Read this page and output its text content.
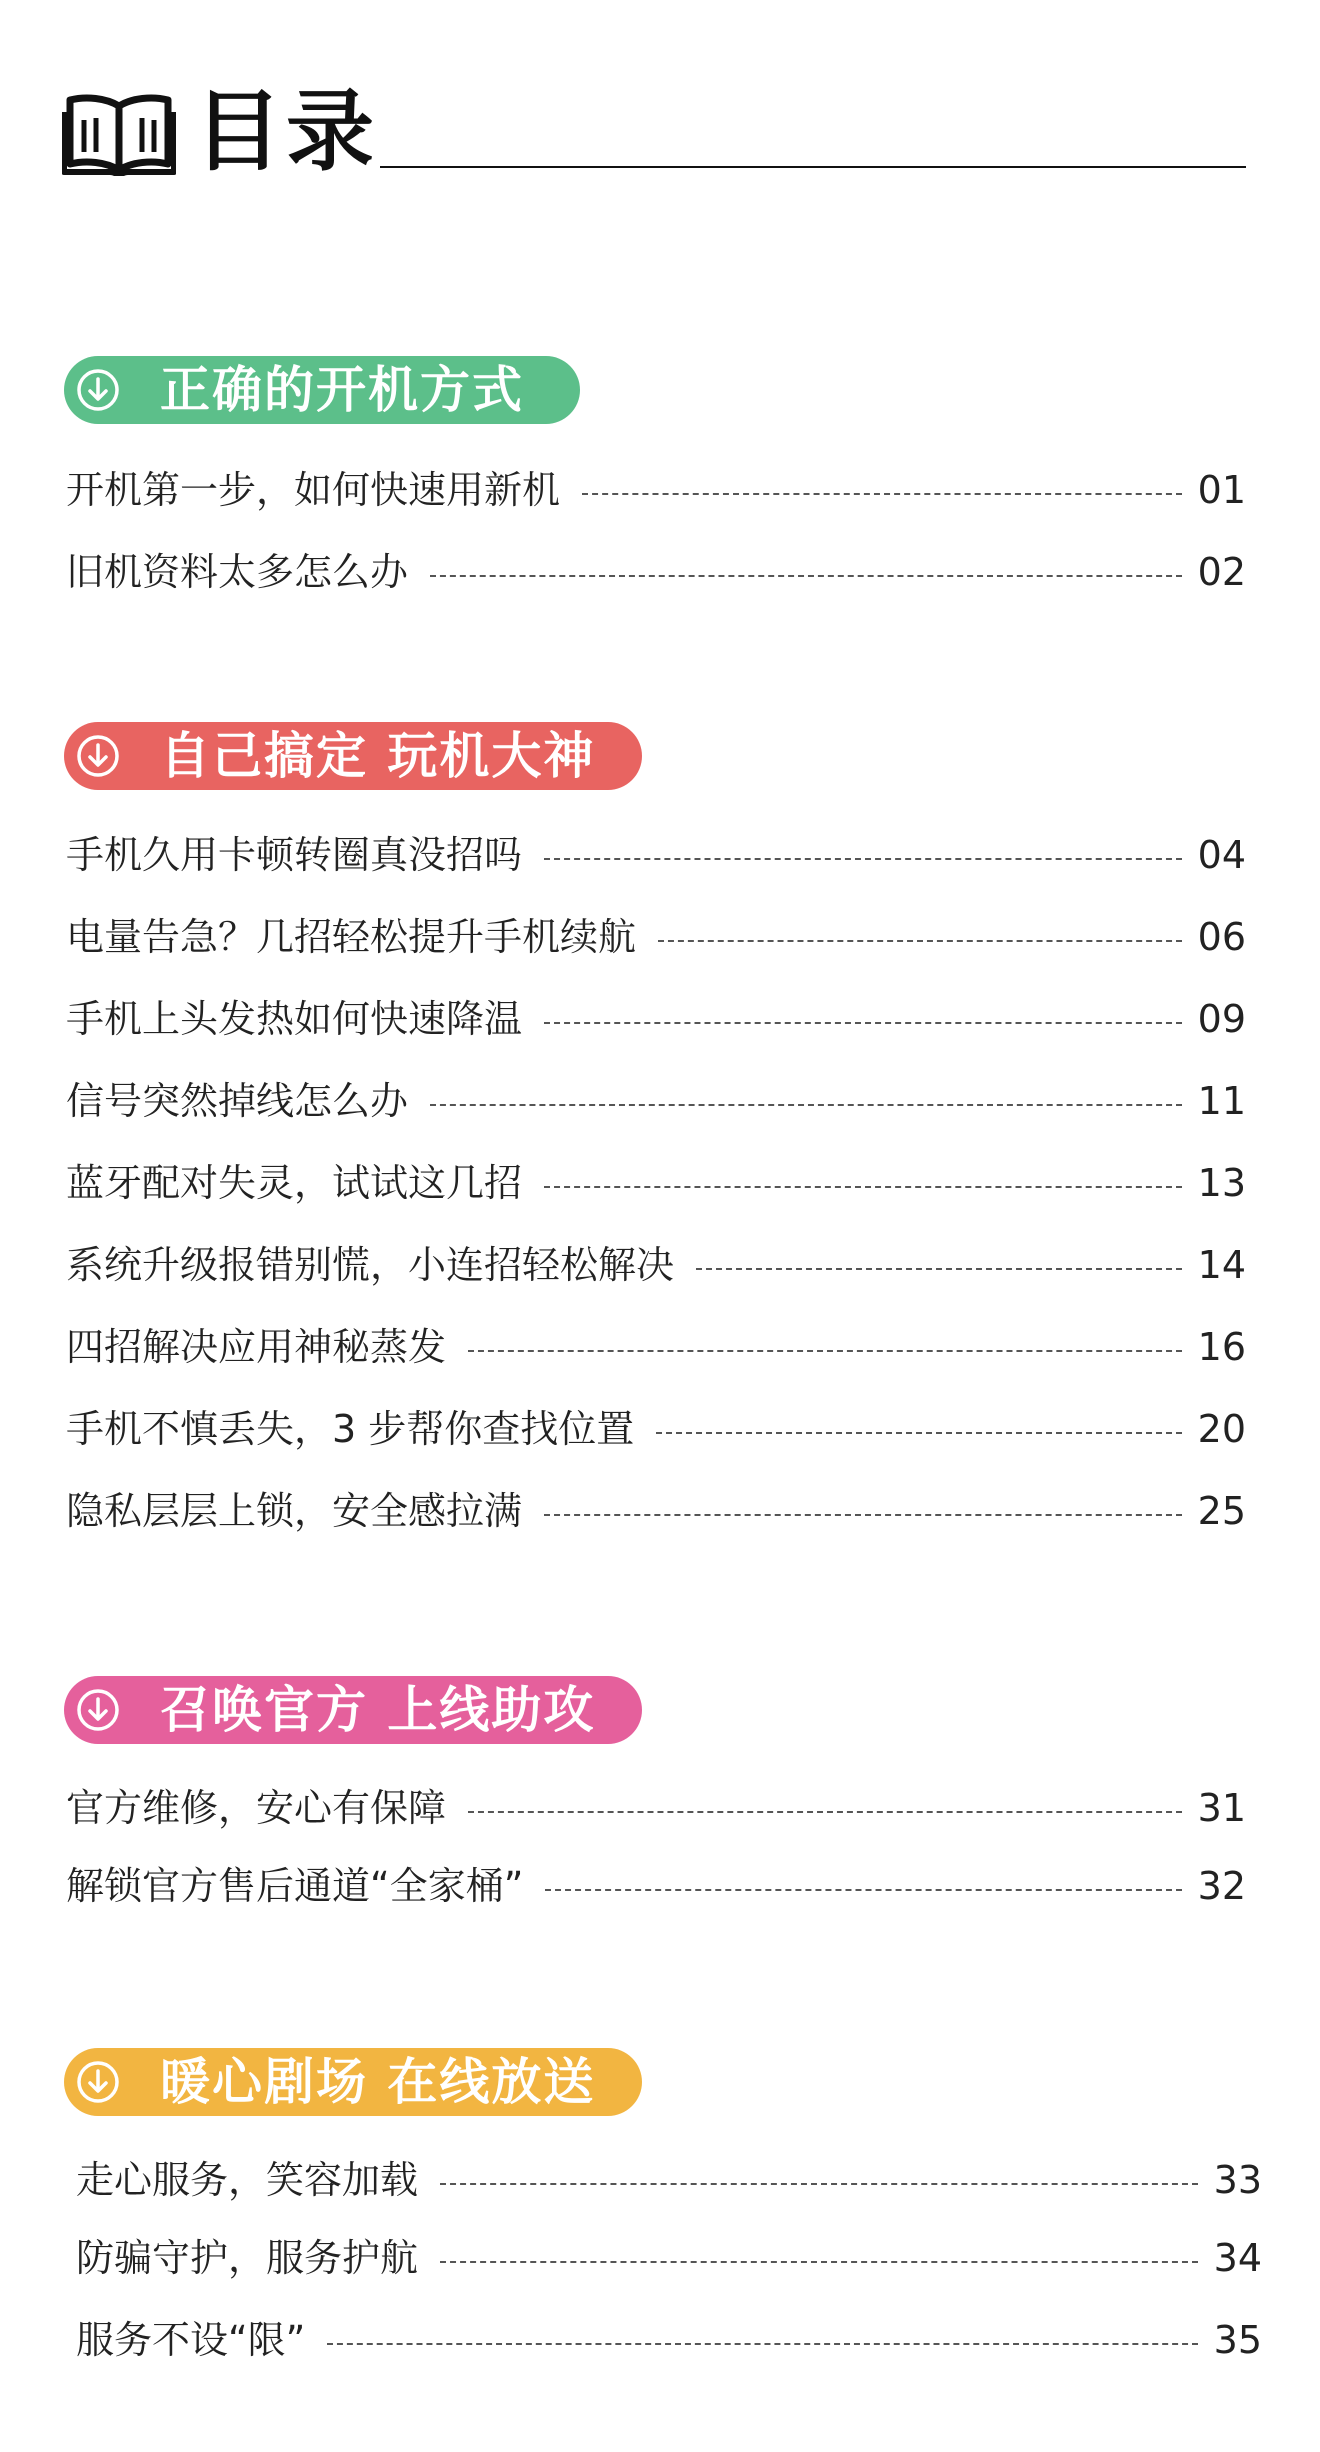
目录
正确的开机方式
开机第一步，如何快速用新机	01
旧机资料太多怎么办	02
自己搞定 玩机大神
手机久用卡顿转圈真没招吗	04
电量告急？几招轻松提升手机续航	06
手机上头发热如何快速降温	09
信号突然掉线怎么办	11
蓝牙配对失灵，试试这几招	13
系统升级报错别慌，小连招轻松解决	14
四招解决应用神秘蒸发	16
手机不慎丢失，3 步帮你查找位置	20
隐私层层上锁，安全感拉满	25
召唤官方 上线助攻
官方维修，安心有保障	31
解锁官方售后通道“全家桶”	32
暖心剧场 在线放送
走心服务，笑容加载	33
防骗守护，服务护航	34
服务不设“限”	35
